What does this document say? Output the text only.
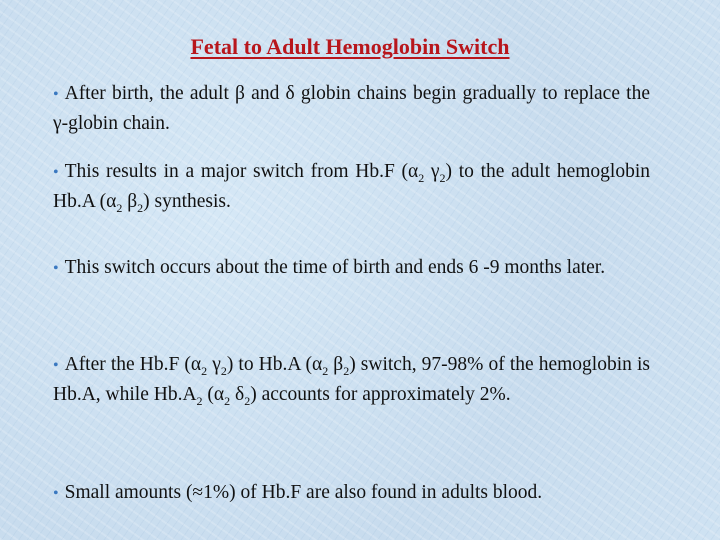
Fetal to Adult Hemoglobin Switch

• After birth, the adult β and δ globin chains begin gradually to replace the γ-globin chain.

• This results in a major switch from Hb.F ($\alpha_2$ $\gamma_2$) to the adult hemoglobin Hb.A ($\alpha_2$ $\beta_2$) synthesis.

• This switch occurs about the time of birth and ends 6 -9 months later.

• After the Hb.F ($\alpha_2$ $\gamma_2$) to Hb.A ($\alpha_2$ $\beta_2$) switch, 97-98% of the hemoglobin is Hb.A, while $Hb.A_2$ ($\alpha_2$ $\delta_2$) accounts for approximately 2%.

• Small amounts (≈1%) of Hb.F are also found in adults blood.
